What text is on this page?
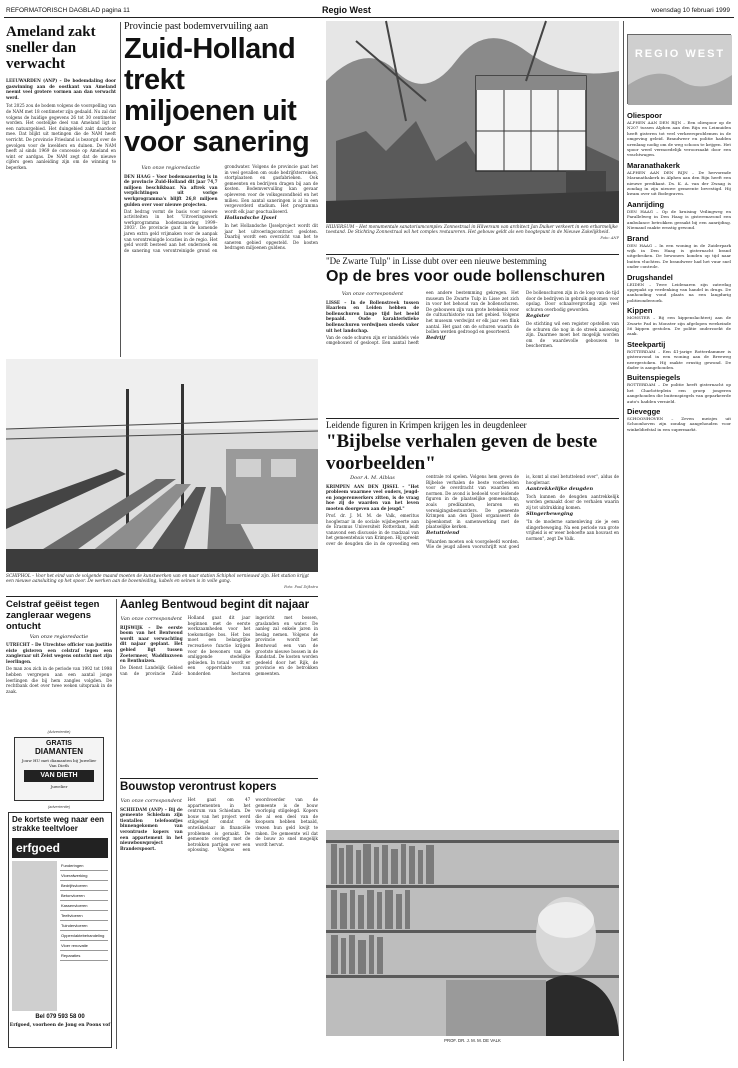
REFORMATORISCH DAGBLAD pagina 11	Regio West	woensdag 10 februari 1999
Ameland zakt sneller dan verwacht
LEEUWARDEN (ANP) – De bodemdaling door gaswinning aan de oostkant van Ameland neemt veel grotere vormen aan dan verwacht werd.
Tot 2025 zou de bodem volgens de voorspelling van de NAM met 18 centimeter zijn gedaald. Nu zal dat volgens de huidige gegevens 26 tot 30 centimeter worden. Het oostelijke deel van Ameland ligt in een natuurgebied. Het duingebied zakt daardoor mee. Dat blijkt uit metingen die de NAM heeft verricht. De provincie Friesland is bezorgd over de gevolgen voor de kwelders en duinen. De NAM heeft al sinds 1969 de concessie op Ameland en wint er aardgas. De NAM zegt dat de nieuwe cijfers geen aanleiding zijn om de winning te beperken.
Provincie past bodemvervuiling aan
Zuid-Holland trekt miljoenen uit voor sanering
Van onze regioredactie

DEN HAAG – Voor bodemsanering is in de provincie Zuid-Holland dit jaar 74,7 miljoen beschikbaar. Na aftrek van verplichtingen uit vorige werkprogramma's blijft 26,8 miljoen gulden over voor nieuwe projecten.

Dat bedrag vormt de basis voor nieuwe activiteiten in het 'Uitvoeringswerk werkprogramma bodemsanering 1999–2003'. De provincie gaat in de komende jaren extra geld vrijmaken voor de aanpak van verontreinigde locaties in de regio. Het geld wordt besteed aan het onderzoek en de sanering van verontreinigde grond en grondwater. Volgens de provincie gaat het in veel gevallen om oude bedrijfsterreinen, stortplaatsen en gasfabrieken. Ook gemeenten en bedrijven dragen bij aan de kosten. Bodemvervuiling kan gevaar opleveren voor de volksgezondheid en het milieu. Een aantal saneringen is al in een vergevorderd stadium. Het programma wordt elk jaar geactualiseerd.

Hollandsche IJssel

In het Hollandsche IJsselproject wordt dit jaar het uitvoeringscontract gesloten. Daarbij wordt een overzicht van het te saneren gebied opgesteld. De kosten bedragen miljoenen guldens.

HILVERSUM – Het monumentale sanatoriumcomplex Zonnestraal in Hilversum van architect Jan Duiker verkeert in een erbarmelijke toestand. De Stichting Zonnestraal wil het complex restaureren. Het gebouw geldt als een hoogtepunt in de Nieuwe Zakelijkheid.
Foto: ANP
"De Zwarte Tulp" in Lisse dubt over een nieuwe bestemming
Op de bres voor oude bollenschuren
Van onze correspondent

LISSE – In de Bollenstreek tussen Haarlem en Leiden hebben de bollenschuren lange tijd het beeld bepaald. Oude karakteristieke bollenschuren verdwijnen steeds vaker uit het landschap.

Van de oude schuren zijn er inmiddels vele omgebouwd of gesloopt. Een aantal heeft een andere bestemming gekregen. Het museum De Zwarte Tulp in Lisse zet zich in voor het behoud van de bollenschuren. De gebouwen zijn van grote betekenis voor de cultuurhistorie van het gebied. Volgens het museum verdwijnt er elk jaar een flink aantal. Het gaat om de schuren waarin de bollen werden gedroogd en gesorteerd.

Bedrijf

De bollenschuren zijn in de loop van de tijd door de bedrijven in gebruik genomen voor opslag. Door schaalvergroting zijn veel schuren overbodig geworden.

Register

De stichting wil een register opstellen van de schuren die nog in de streek aanwezig zijn. Daarmee moet het mogelijk worden om de waardevolle gebouwen te beschermen.

SCHIPHOL – Voor het eind van de volgende maand moeten de kunstwerken van en naar station Schiphol vernieuwd zijn. Het station krijgt een nieuwe aansluiting op het spoor. De werken aan de bovenleiding, kabels en seinen is in volle gang.
Foto: Paul Dijkstra
Leidende figuren in Krimpen krijgen les in deugdenleer
"Bijbelse verhalen geven de beste voorbeelden"
Door A. M. Alblas

KRIMPEN AAN DEN IJSSEL – "Het probleem waarmee veel ouders, jeugd- en jongerenwerkers zitten, is de vraag hoe zij de waarden van het leven moeten doorgeven aan de jeugd."

Prof. dr. J. M. M. de Valk, emeritus hoogleraar in de sociale wijsbegeerte aan de Erasmus Universiteit Rotterdam, leidt vanavond een discussie in de raadzaal van het gemeentehuis van Krimpen. Hij spreekt over de deugden die in de opvoeding een centrale rol spelen. Volgens hem geven de Bijbelse verhalen de beste voorbeelden voor de overdracht van waarden en normen. De avond is bedoeld voor leidende figuren in de plaatselijke gemeenschap, zoals predikanten, leraren en verenigingsbestuurders. De gemeente Krimpen aan den IJssel organiseert de bijeenkomst in samenwerking met de plaatselijke kerken.

Betuttelend

"Waarden moeten ook voorgeleefd worden. Wie de jeugd alleen voorschrijft wat goed is, komt al snel betuttelend over", aldus de hoogleraar.

Aantrekkelijke deugden

Toch kunnen de deugden aantrekkelijk worden gemaakt door de verhalen waarin zij tot uitdrukking komen.

Slingerbeweging

"In de moderne samenleving zie je een slingerbeweging. Na een periode van grote vrijheid is er weer behoefte aan houvast en normen", zegt De Valk.

PROF. DR. J. M. M. DE VALK
Celstraf geëist tegen zangleraar wegens ontucht
Van onze regioredactie
UTRECHT – De Utrechtse officier van justitie eiste gisteren een celstraf tegen een zangleraar uit Zeist wegens ontucht met zijn leerlingen.
De man zou zich in de periode van 1992 tot 1998 hebben vergrepen aan een aantal jonge leerlingen die bij hem zangles volgden. De rechtbank doet over twee weken uitspraak in de zaak.
(Advertentie)
GRATIS
DIAMANTEN
Jouw HU met diamanten bij Juwelier Van Dieth
VAN DIETH
Juwelier
(advertentie)
De kortste weg naar een strakke teeltvloer
erfgoed
Funderingen
Vloerafwerking
Bedrijfsvloeren
Betonvloeren
Kassenvloeren
Teeltvloeren
Tuindervloeren
Oppervlaktebehandeling
Vloer renovatie
Reparaties
Bel 079 593 58 00
Erfgoed, voorheen de Jong en Poons vof
Aanleg Bentwoud begint dit najaar
Van onze correspondent

RIJSWIJK – De eerste boom van het Bentwoud wordt naar verwachting dit najaar geplant. Het gebied ligt tussen Zoetermeer, Waddinxveen en Benthuizen.

De Dienst Landelijk Gebied van de provincie Zuid-Holland gaat dit jaar beginnen met de eerste werkzaamheden voor het toekomstige bos. Het bos moet een belangrijke recreatieve functie krijgen voor de bewoners van de omliggende stedelijke gebieden. In totaal wordt er een oppervlakte van honderden hectaren ingericht met bossen, graslanden en water. De aanleg zal enkele jaren in beslag nemen. Volgens de provincie wordt het Bentwoud een van de grootste nieuwe bossen in de Randstad. De kosten worden gedeeld door het Rijk, de provincie en de betrokken gemeenten.

Bouwstop verontrust kopers
Van onze correspondent

SCHIEDAM (ANP) – Bij de gemeente Schiedam zijn tientallen telefoontjes binnengekomen van verontruste kopers van een appartement in het nieuwbouwproject Branderspoort.

Het gaat om 47 appartementen in het centrum van Schiedam. De bouw van het project werd stilgelegd omdat de ontwikkelaar in financiële problemen is geraakt. De gemeente overlegt met de betrokken partijen over een oplossing. Volgens een woordvoerder van de gemeente is de bouw voorlopig stilgelegd. Kopers die al een deel van de koopsom hebben betaald, vrezen hun geld kwijt te raken. De gemeente wil dat de bouw zo snel mogelijk wordt hervat.

REGIO WEST
Oliespoor
ALPHEN AAN DEN RIJN – Een oliespoor op de N207 tussen Alphen aan den Rijn en Leimuiden heeft gisteren tot veel verkeersproblemen in de omgeving geleid. Brandweer en politie hadden urenlang nodig om de weg schoon te krijgen. Het spoor werd vermoedelijk veroorzaakt door een vrachtwagen.
Maranathakerk
ALPHEN AAN DEN RIJN – De hervormde Maranathakerk in Alphen aan den Rijn heeft een nieuwe predikant. Ds. K. A. van der Zwaag is zondag in zijn nieuwe gemeente bevestigd. Hij kwam over uit Bodegraven.
Aanrijding
DEN HAAG – Op de kruising Veilingweg en Parallelweg in Den Haag is gisterenavond een ambulance betrokken geraakt bij een aanrijding. Niemand raakte ernstig gewond.
Brand
DEN HAAG – In een woning in de Zuiderpark wijk in Den Haag is gisternacht brand uitgebroken. De bewoners konden op tijd naar buiten vluchten. De brandweer had het vuur snel onder controle.
Drugshandel
LEIDEN – Twee Leidenaren zijn zaterdag opgepakt op verdenking van handel in drugs. De aanhouding vond plaats na een langdurig politieonderzoek.
Kippen
MONSTER – Bij een kippenslachterij aan de Zwarte Pad in Monster zijn afgelopen weekeinde 56 kippen gestolen. De politie onderzoekt de zaak.
Steekpartij
ROTTERDAM – Een 41-jarige Rotterdammer is gisteravond in een woning aan de Breeweg neergestoken. Hij raakte ernstig gewond. De dader is aangehouden.
Buitenspiegels
ROTTERDAM – De politie heeft gisternacht op het Charlotteplein een groep jongeren aangehouden die buitenspiegels van geparkeerde auto's hadden vernield.
Dievegge
SCHOONHOVEN – Zeven meisjes uit Schoonhoven zijn zondag aangehouden voor winkeldiefstal in een supermarkt.
